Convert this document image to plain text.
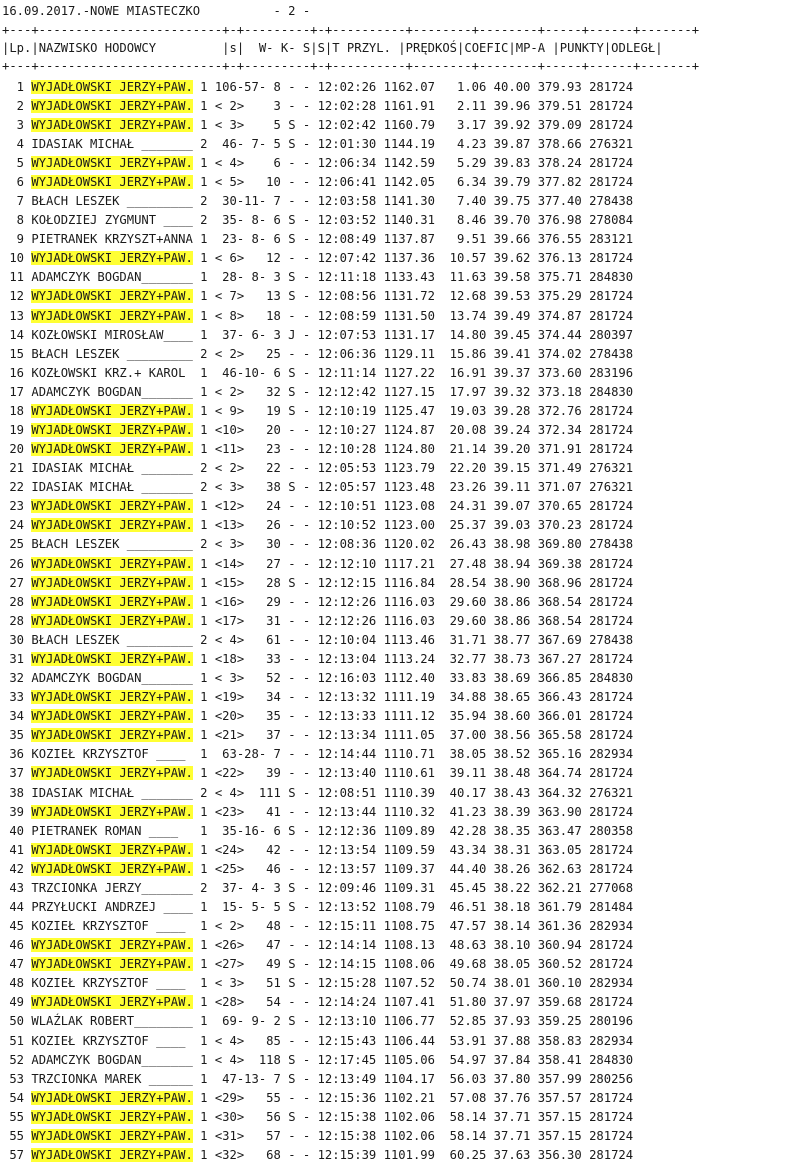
16.09.2017.-NOWE MIASTECZKO	- 2 -
+---+-------------------------+-+---------+-+----------+--------+--------+-----+------+-------+
|Lp.|NAZWISKO HODOWCY         |s|  W- K- S|S|T PRZYL. |PRĘDKOŚ|COEFIC|MP-A |PUNKTY|ODLEGŁ|
+---+-------------------------+-+---------+-+----------+--------+--------+-----+------+-------+
1 WYJADŁOWSKI JERZY+PAW. 1 106-57- 8 - - 12:02:26 1162.07   1.06 40.00 379.93 281724
2 WYJADŁOWSKI JERZY+PAW. 1 < 2>    3 - - 12:02:28 1161.91   2.11 39.96 379.51 281724
3 WYJADŁOWSKI JERZY+PAW. 1 < 3>    5 S - 12:02:42 1160.79   3.17 39.92 379.09 281724
4 IDASIAK MICHAŁ _______ 2  46- 7- 5 S - 12:01:30 1144.19   4.23 39.87 378.66 276321
5 WYJADŁOWSKI JERZY+PAW. 1 < 4>    6 - - 12:06:34 1142.59   5.29 39.83 378.24 281724
6 WYJADŁOWSKI JERZY+PAW. 1 < 5>   10 - - 12:06:41 1142.05   6.34 39.79 377.82 281724
7 BŁACH LESZEK _________ 2  30-11- 7 - - 12:03:58 1141.30   7.40 39.75 377.40 278438
8 KOŁODZIEJ ZYGMUNT ____ 2  35- 8- 6 S - 12:03:52 1140.31   8.46 39.70 376.98 278084
9 PIETRANEK KRZYSZT+ANNA 1  23- 8- 6 S - 12:08:49 1137.87   9.51 39.66 376.55 283121
10 WYJADŁOWSKI JERZY+PAW. 1 < 6>   12 - - 12:07:42 1137.36  10.57 39.62 376.13 281724
11 ADAMCZYK BOGDAN_______ 1  28- 8- 3 S - 12:11:18 1133.43  11.63 39.58 375.71 284830
12 WYJADŁOWSKI JERZY+PAW. 1 < 7>   13 S - 12:08:56 1131.72  12.68 39.53 375.29 281724
13 WYJADŁOWSKI JERZY+PAW. 1 < 8>   18 - - 12:08:59 1131.50  13.74 39.49 374.87 281724
14 KOZŁOWSKI MIROSŁAW____ 1  37- 6- 3 J - 12:07:53 1131.17  14.80 39.45 374.44 280397
15 BŁACH LESZEK _________ 2 < 2>   25 - - 12:06:36 1129.11  15.86 39.41 374.02 278438
16 KOZŁOWSKI KRZ.+ KAROL 1  46-10- 6 S - 12:11:14 1127.22  16.91 39.37 373.60 283196
17 ADAMCZYK BOGDAN_______ 1 < 2>   32 S - 12:12:42 1127.15  17.97 39.32 373.18 284830
18 WYJADŁOWSKI JERZY+PAW. 1 < 9>   19 S - 12:10:19 1125.47  19.03 39.28 372.76 281724
19 WYJADŁOWSKI JERZY+PAW. 1 <10>   20 - - 12:10:27 1124.87  20.08 39.24 372.34 281724
20 WYJADŁOWSKI JERZY+PAW. 1 <11>   23 - - 12:10:28 1124.80  21.14 39.20 371.91 281724
21 IDASIAK MICHAŁ _______ 2 < 2>   22 - - 12:05:53 1123.79  22.20 39.15 371.49 276321
22 IDASIAK MICHAŁ _______ 2 < 3>   38 S - 12:05:57 1123.48  23.26 39.11 371.07 276321
23 WYJADŁOWSKI JERZY+PAW. 1 <12>   24 - - 12:10:51 1123.08  24.31 39.07 370.65 281724
24 WYJADŁOWSKI JERZY+PAW. 1 <13>   26 - - 12:10:52 1123.00  25.37 39.03 370.23 281724
25 BŁACH LESZEK _________ 2 < 3>   30 - - 12:08:36 1120.02  26.43 38.98 369.80 278438
26 WYJADŁOWSKI JERZY+PAW. 1 <14>   27 - - 12:12:10 1117.21  27.48 38.94 369.38 281724
27 WYJADŁOWSKI JERZY+PAW. 1 <15>   28 S - 12:12:15 1116.84  28.54 38.90 368.96 281724
28 WYJADŁOWSKI JERZY+PAW. 1 <16>   29 - - 12:12:26 1116.03  29.60 38.86 368.54 281724
28 WYJADŁOWSKI JERZY+PAW. 1 <17>   31 - - 12:12:26 1116.03  29.60 38.86 368.54 281724
30 BŁACH LESZEK _________ 2 < 4>   61 - - 12:10:04 1113.46  31.71 38.77 367.69 278438
31 WYJADŁOWSKI JERZY+PAW. 1 <18>   33 - - 12:13:04 1113.24  32.77 38.73 367.27 281724
32 ADAMCZYK BOGDAN_______ 1 < 3>   52 - - 12:16:03 1112.40  33.83 38.69 366.85 284830
33 WYJADŁOWSKI JERZY+PAW. 1 <19>   34 - - 12:13:32 1111.19  34.88 38.65 366.43 281724
34 WYJADŁOWSKI JERZY+PAW. 1 <20>   35 - - 12:13:33 1111.12  35.94 38.60 366.01 281724
35 WYJADŁOWSKI JERZY+PAW. 1 <21>   37 - - 12:13:34 1111.05  37.00 38.56 365.58 281724
36 KOZIEŁ KRZYSZTOF ____  1  63-28- 7 - - 12:14:44 1110.71  38.05 38.52 365.16 282934
37 WYJADŁOWSKI JERZY+PAW. 1 <22>   39 - - 12:13:40 1110.61  39.11 38.48 364.74 281724
38 IDASIAK MICHAŁ _______ 2 < 4>  111 S - 12:08:51 1110.39  40.17 38.43 364.32 276321
39 WYJADŁOWSKI JERZY+PAW. 1 <23>   41 - - 12:13:44 1110.32  41.23 38.39 363.90 281724
40 PIETRANEK ROMAN ____   1  35-16- 6 S - 12:12:36 1109.89  42.28 38.35 363.47 280358
41 WYJADŁOWSKI JERZY+PAW. 1 <24>   42 - - 12:13:54 1109.59  43.34 38.31 363.05 281724
42 WYJADŁOWSKI JERZY+PAW. 1 <25>   46 - - 12:13:57 1109.37  44.40 38.26 362.63 281724
43 TRZCIONKA JERZY_______ 2  37- 4- 3 S - 12:09:46 1109.31  45.45 38.22 362.21 277068
44 PRZYŁUCKI ANDRZEJ ____ 1  15- 5- 5 S - 12:13:52 1108.79  46.51 38.18 361.79 281484
45 KOZIEŁ KRZYSZTOF ____  1 < 2>   48 - - 12:15:11 1108.75  47.57 38.14 361.36 282934
46 WYJADŁOWSKI JERZY+PAW. 1 <26>   47 - - 12:14:14 1108.13  48.63 38.10 360.94 281724
47 WYJADŁOWSKI JERZY+PAW. 1 <27>   49 S - 12:14:15 1108.06  49.68 38.05 360.52 281724
48 KOZIEŁ KRZYSZTOF ____  1 < 3>   51 S - 12:15:28 1107.52  50.74 38.01 360.10 282934
49 WYJADŁOWSKI JERZY+PAW. 1 <28>   54 - - 12:14:24 1107.41  51.80 37.97 359.68 281724
50 WLAŹLAK ROBERT________ 1  69- 9- 2 S - 12:13:10 1106.77  52.85 37.93 359.25 280196
51 KOZIEŁ KRZYSZTOF ____  1 < 4>   85 - - 12:15:43 1106.44  53.91 37.88 358.83 282934
52 ADAMCZYK BOGDAN_______ 1 < 4>  118 S - 12:17:45 1105.06  54.97 37.84 358.41 284830
53 TRZCIONKA MAREK ______ 1  47-13- 7 S - 12:13:49 1104.17  56.03 37.80 357.99 280256
54 WYJADŁOWSKI JERZY+PAW. 1 <29>   55 - - 12:15:36 1102.21  57.08 37.76 357.57 281724
55 WYJADŁOWSKI JERZY+PAW. 1 <30>   56 S - 12:15:38 1102.06  58.14 37.71 357.15 281724
55 WYJADŁOWSKI JERZY+PAW. 1 <31>   57 - - 12:15:38 1102.06  58.14 37.71 357.15 281724
57 WYJADŁOWSKI JERZY+PAW. 1 <32>   68 - - 12:15:39 1101.99  60.25 37.63 356.30 281724
